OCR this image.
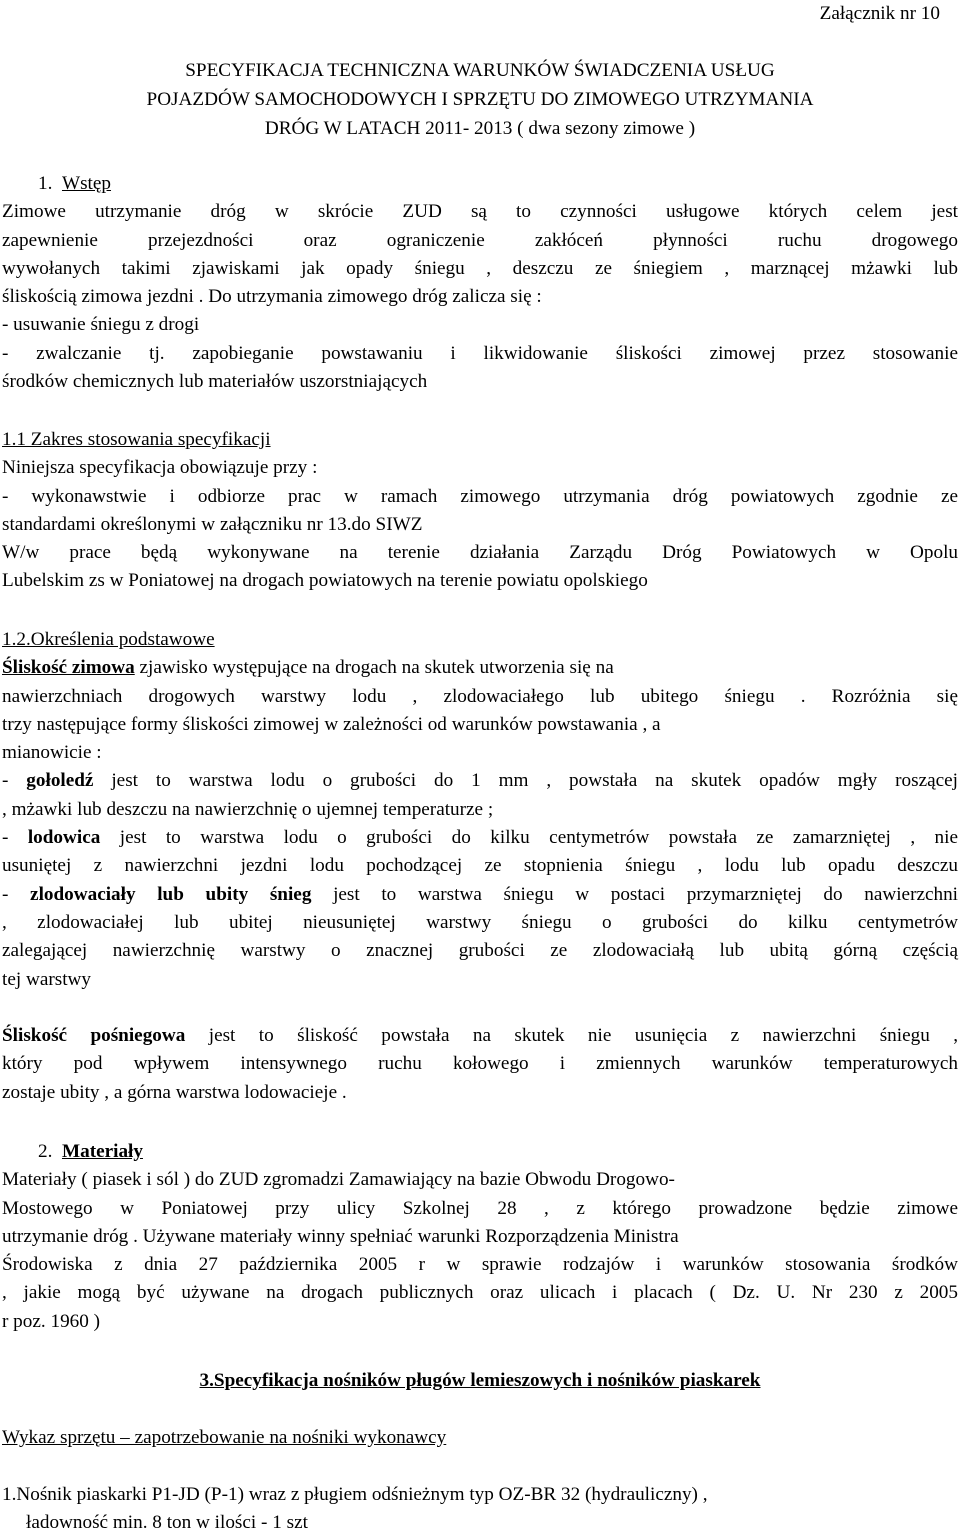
Załącznik nr 10
SPECYFIKACJA TECHNICZNA WARUNKÓW ŚWIADCZENIA USŁUG
POJAZDÓW SAMOCHODOWYCH I SPRZĘTU DO ZIMOWEGO UTRZYMANIA
DRÓG W LATACH 2011- 2013 ( dwa sezony zimowe )
1. Wstęp
Zimowe utrzymanie dróg w skrócie ZUD są to czynności usługowe których celem jest
zapewnienie przejezdności oraz ograniczenie zakłóceń płynności ruchu drogowego
wywołanych takimi zjawiskami jak opady śniegu , deszczu ze śniegiem , marznącej mżawki lub
śliskością zimowa jezdni . Do utrzymania zimowego dróg zalicza się :
- usuwanie śniegu z drogi
- zwalczanie tj. zapobieganie powstawaniu i likwidowanie śliskości zimowej przez stosowanie
środków chemicznych lub materiałów uszorstniających
1.1 Zakres stosowania specyfikacji
Niniejsza specyfikacja obowiązuje przy :
- wykonawstwie i odbiorze prac w ramach zimowego utrzymania dróg powiatowych zgodnie ze
standardami określonymi w załączniku nr 13.do SIWZ
W/w prace będą wykonywane na terenie działania Zarządu Dróg Powiatowych w Opolu
Lubelskim zs w Poniatowej na drogach powiatowych na terenie powiatu opolskiego
1.2.Określenia podstawowe
Śliskość zimowa zjawisko występujące na drogach na skutek utworzenia się na
nawierzchniach drogowych warstwy lodu , zlodowaciałego lub ubitego śniegu . Rozróżnia się
trzy następujące formy śliskości zimowej w zależności od warunków powstawania , a
mianowicie :
- gołoledź jest to warstwa lodu o grubości do 1 mm , powstała na skutek opadów mgły roszącej
, mżawki lub deszczu na nawierzchnię o ujemnej temperaturze ;
- lodowica jest to warstwa lodu o grubości do kilku centymetrów powstała ze zamarzniętej , nie
usuniętej z nawierzchni jezdni lodu pochodzącej ze stopnienia śniegu , lodu lub opadu deszczu
- zlodowaciały lub ubity śnieg jest to warstwa śniegu w postaci przymarzniętej do nawierzchni
, zlodowaciałej lub ubitej nieusuniętej warstwy śniegu o grubości do kilku centymetrów
zalegającej nawierzchnię warstwy o znacznej grubości ze zlodowaciałą lub ubitą górną częścią
tej warstwy
Śliskość pośniegowa jest to śliskość powstała na skutek nie usunięcia z nawierzchni śniegu ,
który pod wpływem intensywnego ruchu kołowego i zmiennych warunków temperaturowych
zostaje ubity , a górna warstwa lodowacieje .
2. Materiały
Materiały ( piasek i sól ) do ZUD zgromadzi Zamawiający na bazie Obwodu Drogowo-
Mostowego w Poniatowej przy ulicy Szkolnej 28 , z którego prowadzone będzie zimowe
utrzymanie dróg . Używane materiały winny spełniać warunki Rozporządzenia Ministra
Środowiska z dnia 27 października 2005 r w sprawie rodzajów i warunków stosowania środków
, jakie mogą być używane na drogach publicznych oraz ulicach i placach ( Dz. U. Nr 230 z 2005
r poz. 1960 )
3.Specyfikacja nośników pługów lemieszowych i nośników piaskarek
Wykaz sprzętu – zapotrzebowanie na nośniki wykonawcy
1.Nośnik piaskarki P1-JD (P-1) wraz z pługiem odśnieżnym typ OZ-BR 32 (hydrauliczny) ,
ładowność min. 8 ton w ilości - 1 szt
